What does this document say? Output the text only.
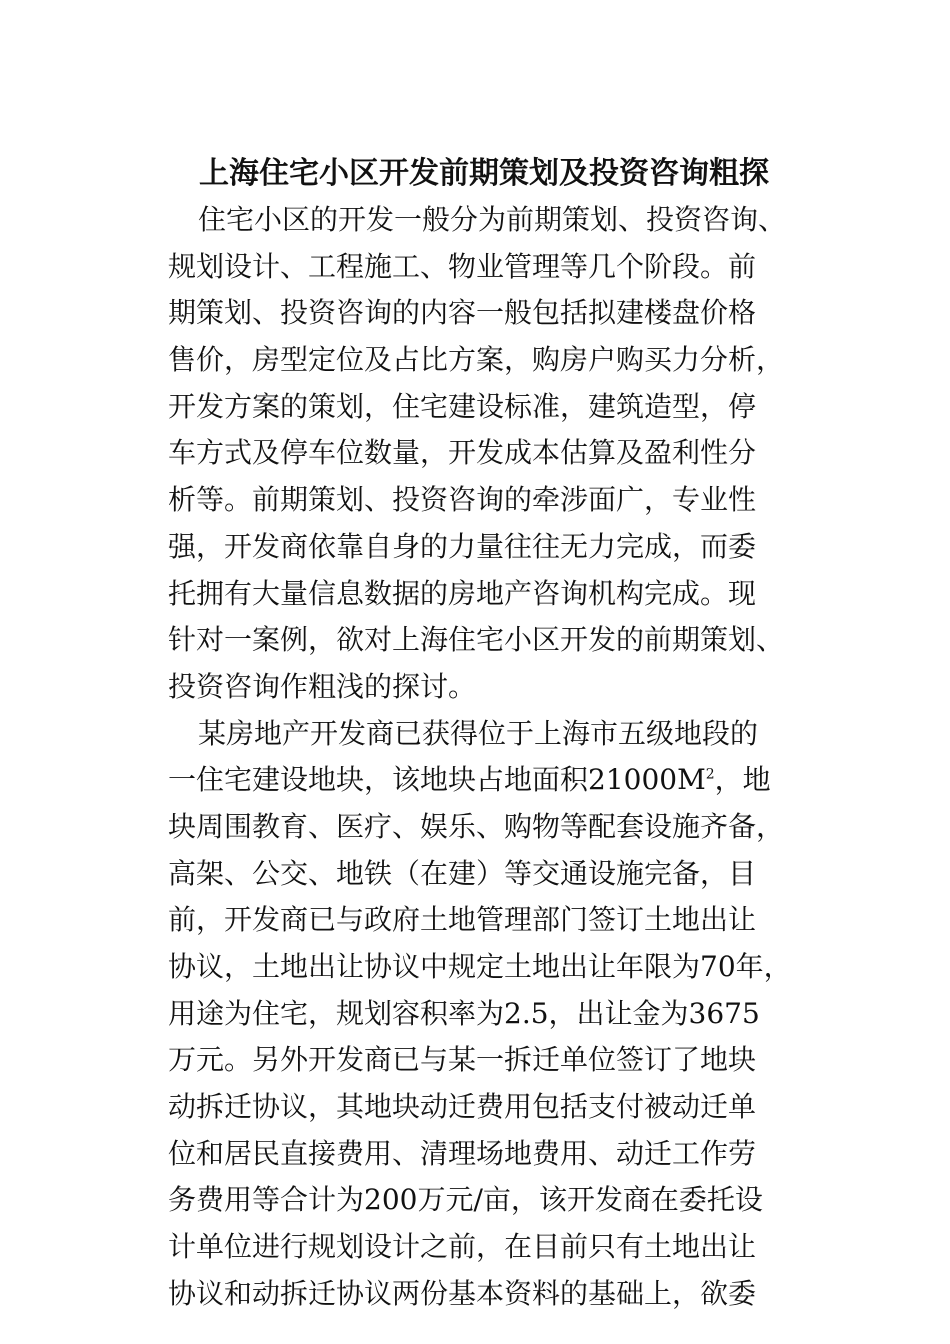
上海住宅小区开发前期策划及投资咨询粗探
住宅小区的开发一般分为前期策划、投资咨询、
规划设计、工程施工、物业管理等几个阶段。前
期策划、投资咨询的内容一般包括拟建楼盘价格
售价，房型定位及占比方案，购房户购买力分析，
开发方案的策划，住宅建设标准，建筑造型，停
车方式及停车位数量，开发成本估算及盈利性分
析等。前期策划、投资咨询的牵涉面广，专业性
强，开发商依靠自身的力量往往无力完成，而委
托拥有大量信息数据的房地产咨询机构完成。现
针对一案例，欲对上海住宅小区开发的前期策划、
投资咨询作粗浅的探讨。
某房地产开发商已获得位于上海市五级地段的
一住宅建设地块，该地块占地面积$21000M^2$，地
块周围教育、医疗、娱乐、购物等配套设施齐备，
高架、公交、地铁（在建）等交通设施完备，目
前，开发商已与政府土地管理部门签订土地出让
协议，土地出让协议中规定土地出让年限为70年，
用途为住宅，规划容积率为2.5，出让金为3675
万元。另外开发商已与某一拆迁单位签订了地块
动拆迁协议，其地块动迁费用包括支付被动迁单
位和居民直接费用、清理场地费用、动迁工作劳
务费用等合计为200万元/亩，该开发商在委托设
计单位进行规划设计之前，在目前只有土地出让
协议和动拆迁协议两份基本资料的基础上，欲委
